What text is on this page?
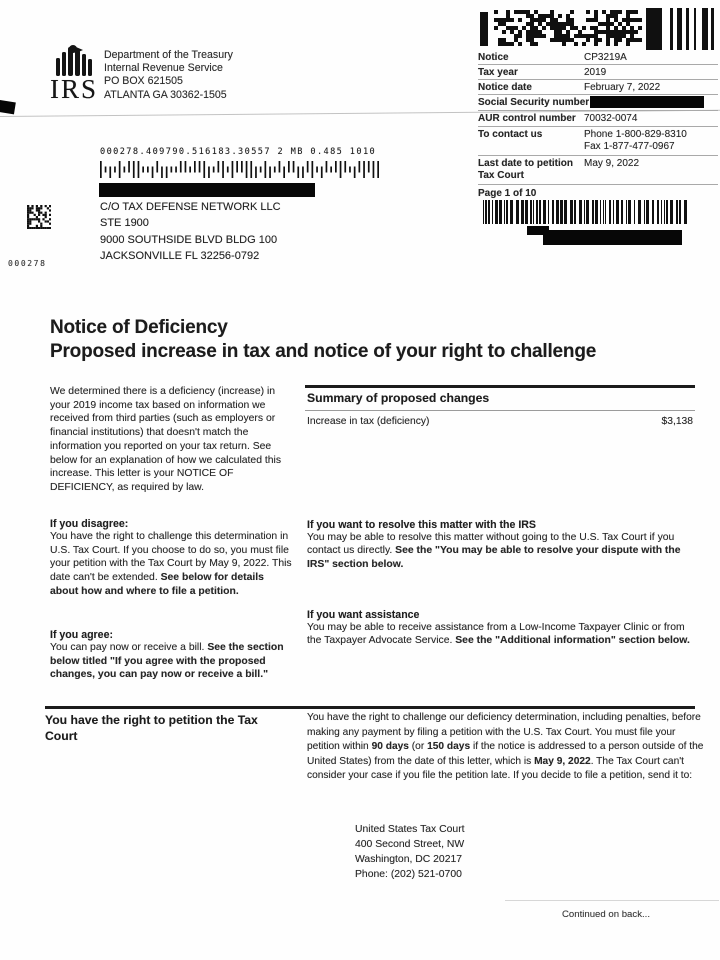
IRS
Department of the Treasury
Internal Revenue Service
PO BOX 621505
ATLANTA GA 30362-1505
Notice	CP3219A
Tax year	2019
Notice date	February 7, 2022
Social Security number
AUR control number 70032-0074
To contact us	Phone 1-800-829-8310
Fax 1-877-477-0967
Last date to petition Tax Court
May 9, 2022
Page 1 of 10
000278.409790.516183.30557 2 MB 0.485 1010
C/O TAX DEFENSE NETWORK LLC
STE 1900
9000 SOUTHSIDE BLVD BLDG 100
JACKSONVILLE FL 32256-0792
000278
Notice of Deficiency
Proposed increase in tax and notice of your right to challenge
We determined there is a deficiency (increase) in your 2019 income tax based on information we received from third parties (such as employers or financial institutions) that doesn't match the information you reported on your tax return. See below for an explanation of how we calculated this increase. This letter is your NOTICE OF DEFICIENCY, as required by law.
If you disagree:
You have the right to challenge this determination in U.S. Tax Court. If you choose to do so, you must file your petition with the Tax Court by May 9, 2022. This date can't be extended. See below for details about how and where to file a petition.
If you agree:
You can pay now or receive a bill. See the section below titled "If you agree with the proposed changes, you can pay now or receive a bill."
Summary of proposed changes
Increase in tax (deficiency)	$3,138
If you want to resolve this matter with the IRS
You may be able to resolve this matter without going to the U.S. Tax Court if you contact us directly. See the "You may be able to resolve your dispute with the IRS" section below.
If you want assistance
You may be able to receive assistance from a Low-Income Taxpayer Clinic or from the Taxpayer Advocate Service. See the "Additional information" section below.
You have the right to petition the Tax Court
You have the right to challenge our deficiency determination, including penalties, before making any payment by filing a petition with the U.S. Tax Court. You must file your petition within 90 days (or 150 days if the notice is addressed to a person outside of the United States) from the date of this letter, which is May 9, 2022. The Tax Court can't consider your case if you file the petition late. If you decide to file a petition, send it to:
United States Tax Court
400 Second Street, NW
Washington, DC 20217
Phone: (202) 521-0700
Continued on back...
